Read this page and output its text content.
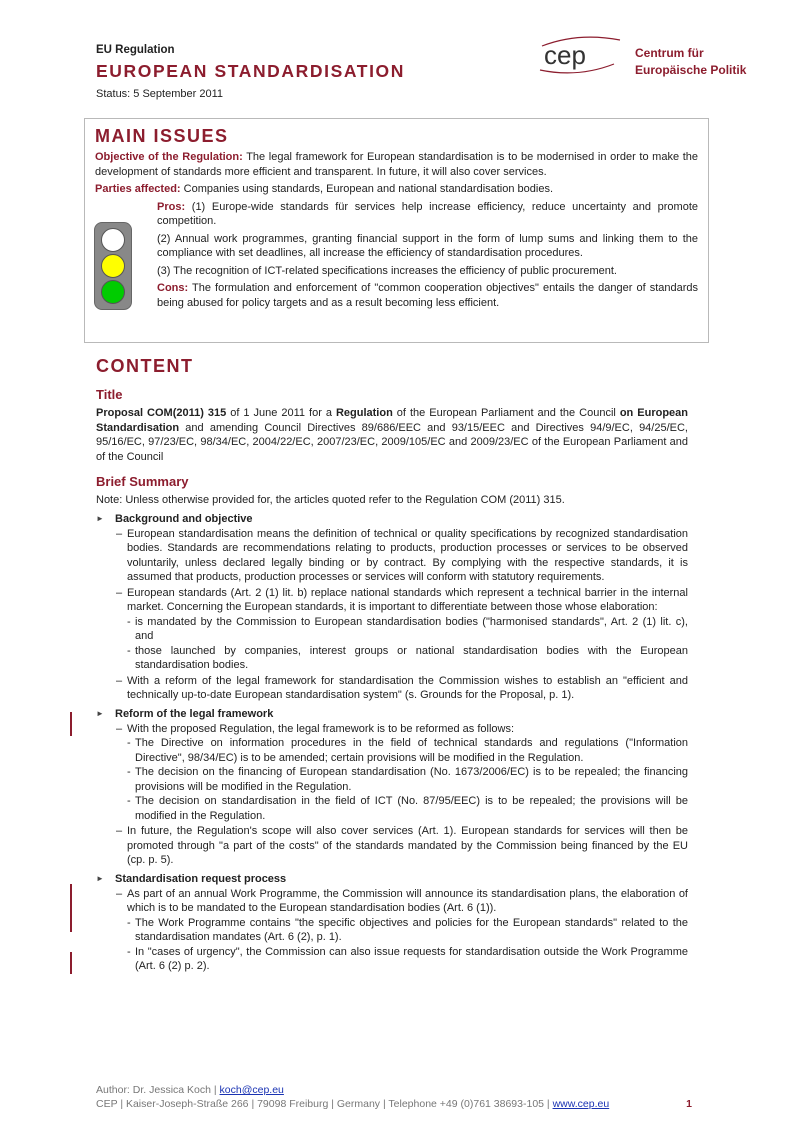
EU Regulation
EUROPEAN STANDARDISATION
Status: 5 September 2011
cep	Centrum für
Europäische Politik
MAIN ISSUES
Objective of the Regulation: The legal framework for European standardisation is to be modernised in order to make the development of standards more efficient and transparent. In future, it will also cover services.
Parties affected: Companies using standards, European and national standardisation bodies.
Pros: (1) Europe-wide standards für services help increase efficiency, reduce uncertainty and promote competition.
(2) Annual work programmes, granting financial support in the form of lump sums and linking them to the compliance with set deadlines, all increase the efficiency of standardisation procedures.
(3) The recognition of ICT-related specifications increases the efficiency of public procurement.
Cons: The formulation and enforcement of "common cooperation objectives" entails the danger of standards being abused for policy targets and as a result becoming less efficient.
CONTENT
Title
Proposal COM(2011) 315 of 1 June 2011 for a Regulation of the European Parliament and the Council on European Standardisation and amending Council Directives 89/686/EEC and 93/15/EEC and Directives 94/9/EC, 94/25/EC, 95/16/EC, 97/23/EC, 98/34/EC, 2004/22/EC, 2007/23/EC, 2009/105/EC and 2009/23/EC of the European Parliament and of the Council
Brief Summary
Note: Unless otherwise provided for, the articles quoted refer to the Regulation COM (2011) 315.
► Background and objective
– European standardisation means the definition of technical or quality specifications by recognized standardisation bodies. Standards are recommendations relating to products, production processes or services to be observed voluntarily, unless declared legally binding or by contract. By complying with the respective standards, it is assumed that products, production processes or services will conform with statutory requirements.
– European standards (Art. 2 (1) lit. b) replace national standards which represent a technical barrier in the internal market. Concerning the European standards, it is important to differentiate between those whose elaboration:
- is mandated by the Commission to European standardisation bodies ("harmonised standards", Art. 2 (1) lit. c), and
- those launched by companies, interest groups or national standardisation bodies with the European standardisation bodies.
– With a reform of the legal framework for standardisation the Commission wishes to establish an "efficient and technically up-to-date European standardisation system" (s. Grounds for the Proposal, p. 1).
► Reform of the legal framework
– With the proposed Regulation, the legal framework is to be reformed as follows:
- The Directive on information procedures in the field of technical standards and regulations ("Information Directive", 98/34/EC) is to be amended; certain provisions will be modified in the Regulation.
- The decision on the financing of European standardisation (No. 1673/2006/EC) is to be repealed; the financing provisions will be modified in the Regulation.
- The decision on standardisation in the field of ICT (No. 87/95/EEC) is to be repealed; the provisions will be modified in the Regulation.
– In future, the Regulation's scope will also cover services (Art. 1). European standards for services will then be promoted through "a part of the costs" of the standards mandated by the Commission being financed by the EU (cp. p. 5).
► Standardisation request process
– As part of an annual Work Programme, the Commission will announce its standardisation plans, the elaboration of which is to be mandated to the European standardisation bodies (Art. 6 (1)).
- The Work Programme contains "the specific objectives and policies for the European standards" related to the standardisation mandates (Art. 6 (2), p. 1).
- In "cases of urgency", the Commission can also issue requests for standardisation outside the Work Programme (Art. 6 (2) p. 2).
Author: Dr. Jessica Koch | koch@cep.eu
CEP | Kaiser-Joseph-Straße 266 | 79098 Freiburg | Germany | Telephone +49 (0)761 38693-105 | www.cep.eu	1
